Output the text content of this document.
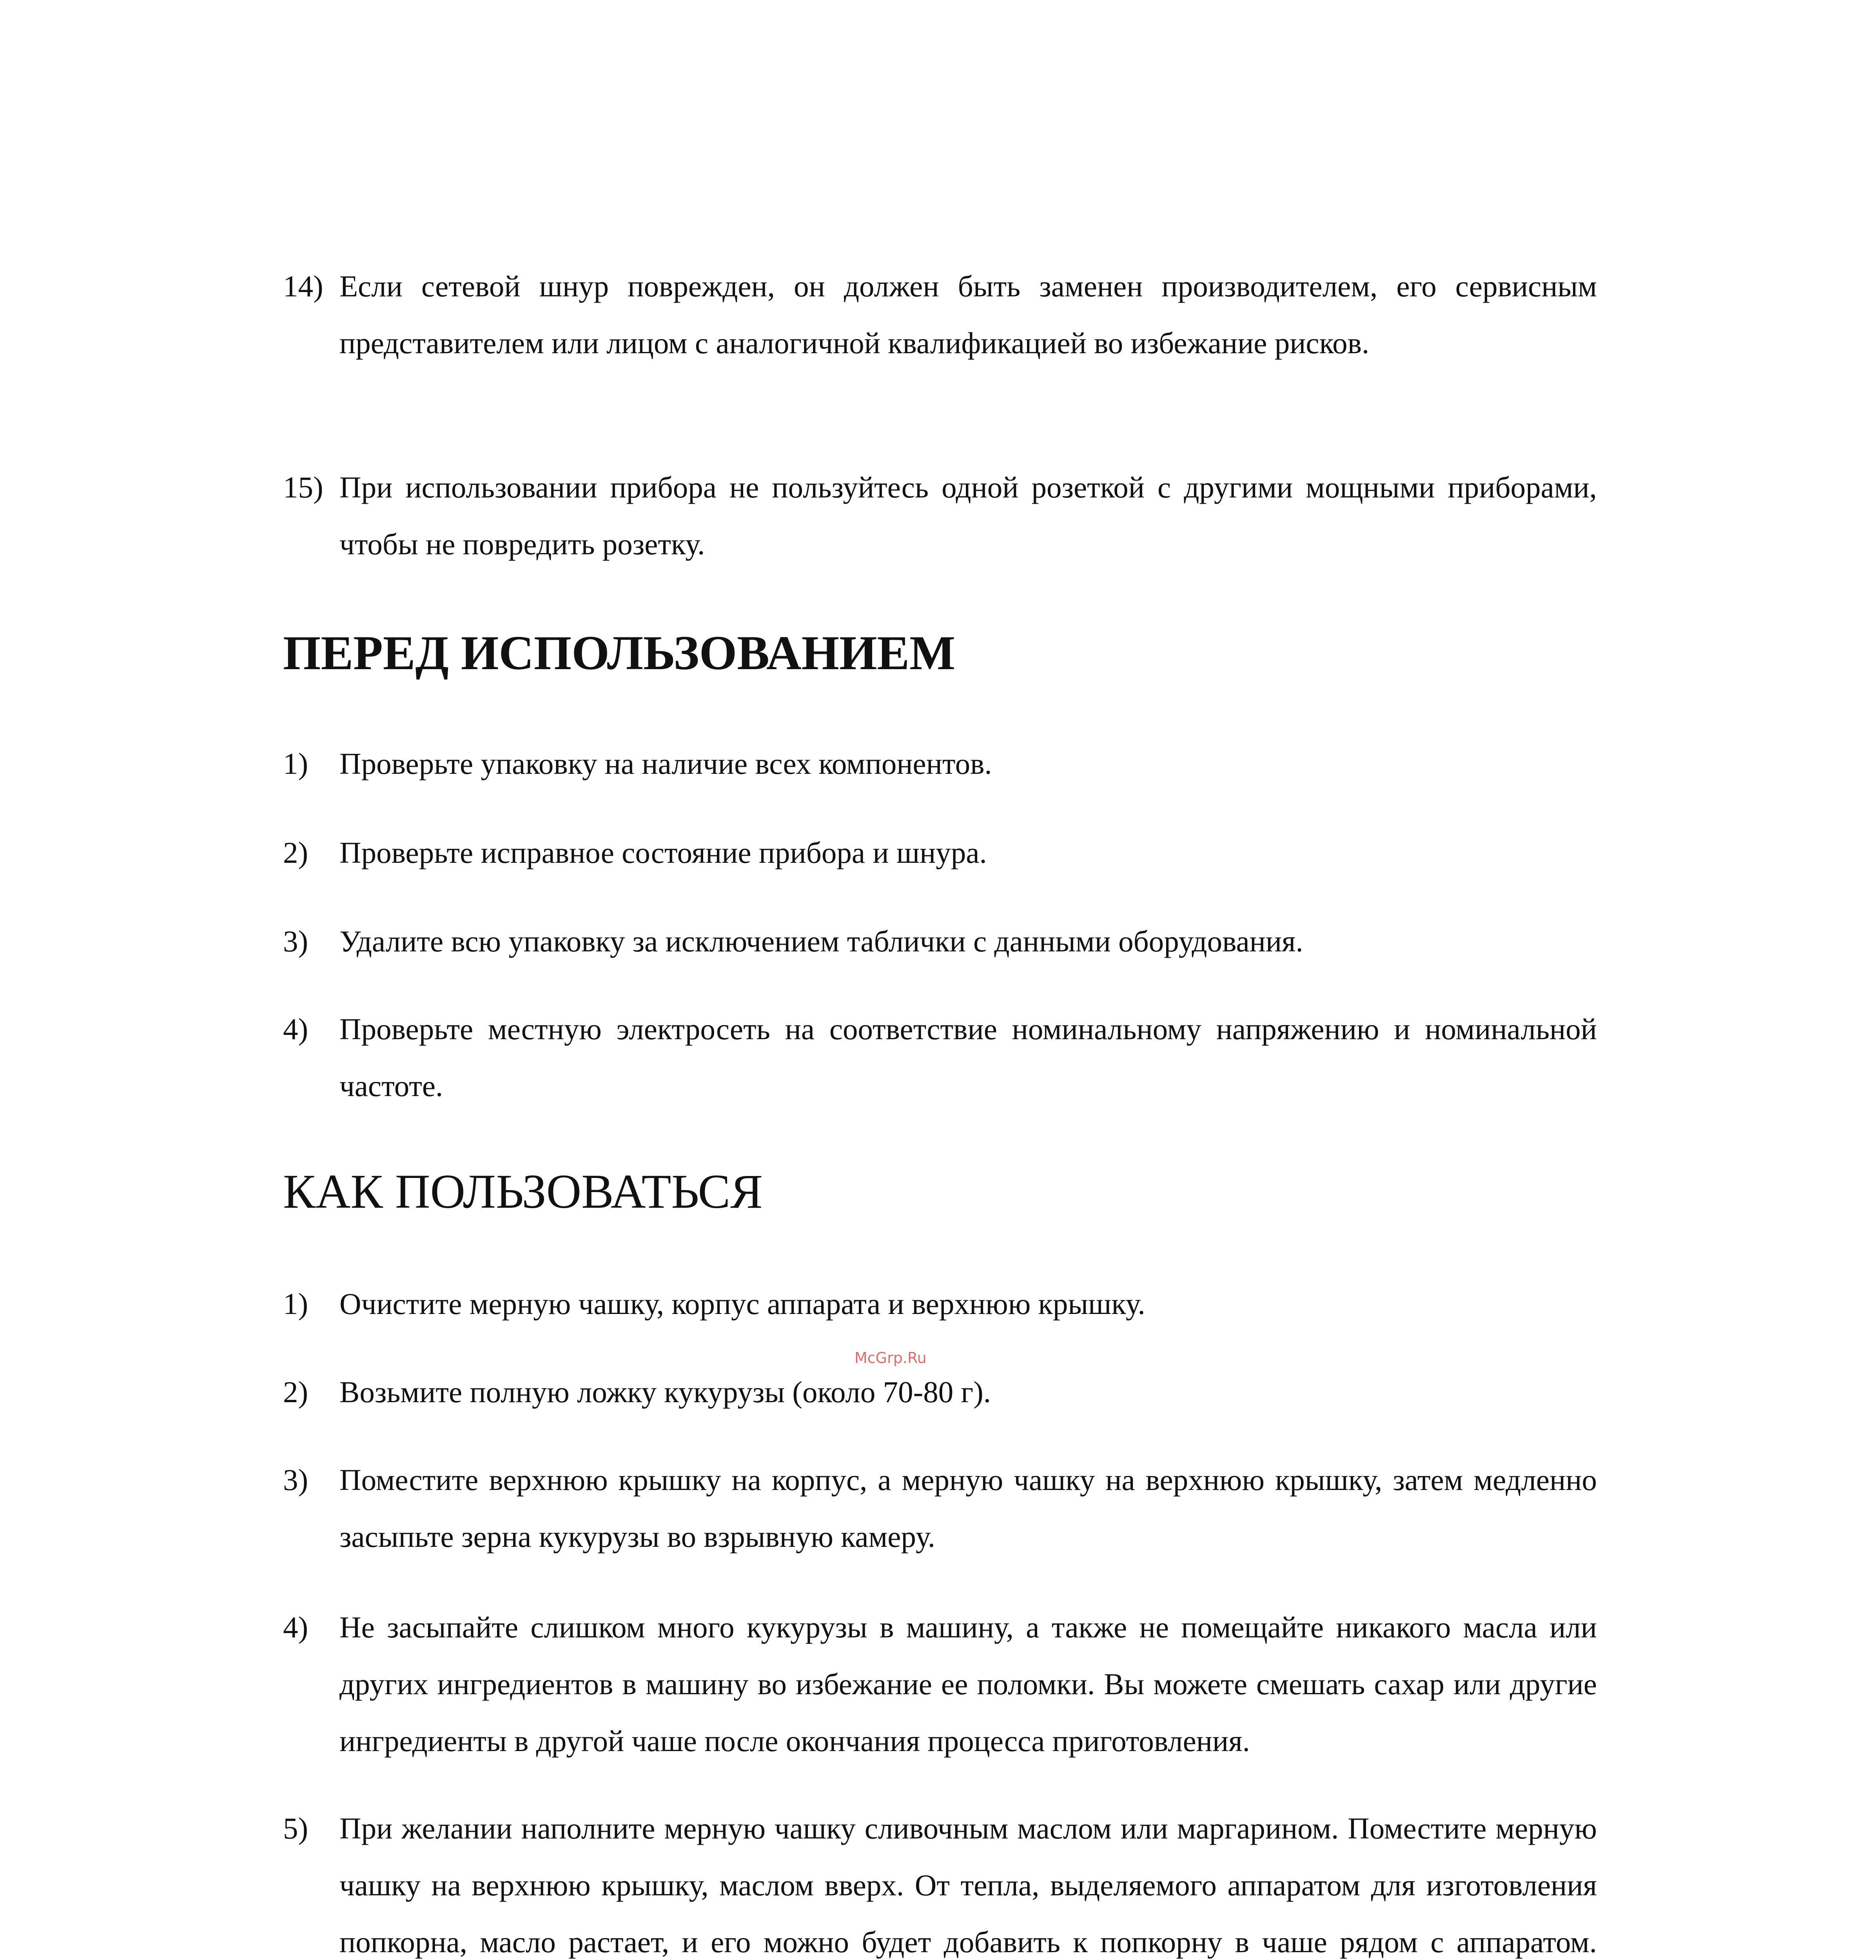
14) Если сетевой шнур поврежден, он должен быть заменен производителем, его сервисным представителем или лицом с аналогичной квалификацией во избежание рисков.
15) При использовании прибора не пользуйтесь одной розеткой с другими мощными приборами, чтобы не повредить розетку.
ПЕРЕД ИСПОЛЬЗОВАНИЕМ
1) Проверьте упаковку на наличие всех компонентов.
2) Проверьте исправное состояние прибора и шнура.
3) Удалите всю упаковку за исключением таблички с данными оборудования.
4) Проверьте местную электросеть на соответствие номинальному напряжению и номинальной частоте.
КАК ПОЛЬЗОВАТЬСЯ
1) Очистите мерную чашку, корпус аппарата и верхнюю крышку.
2) Возьмите полную ложку кукурузы (около 70-80 г).
3) Поместите верхнюю крышку на корпус, а мерную чашку на верхнюю крышку, затем медленно засыпьте зерна кукурузы во взрывную камеру.
4) Не засыпайте слишком много кукурузы в машину, а также не помещайте никакого масла или других ингредиентов в машину во избежание ее поломки. Вы можете смешать сахар или другие ингредиенты в другой чаше после окончания процесса приготовления.
5) При желании наполните мерную чашку сливочным маслом или маргарином. Поместите мерную чашку на верхнюю крышку, маслом вверх. От тепла, выделяемого аппаратом для изготовления попкорна, масло растает, и его можно будет добавить к попкорну в чаше рядом с аппаратом.
McGrp.Ru
